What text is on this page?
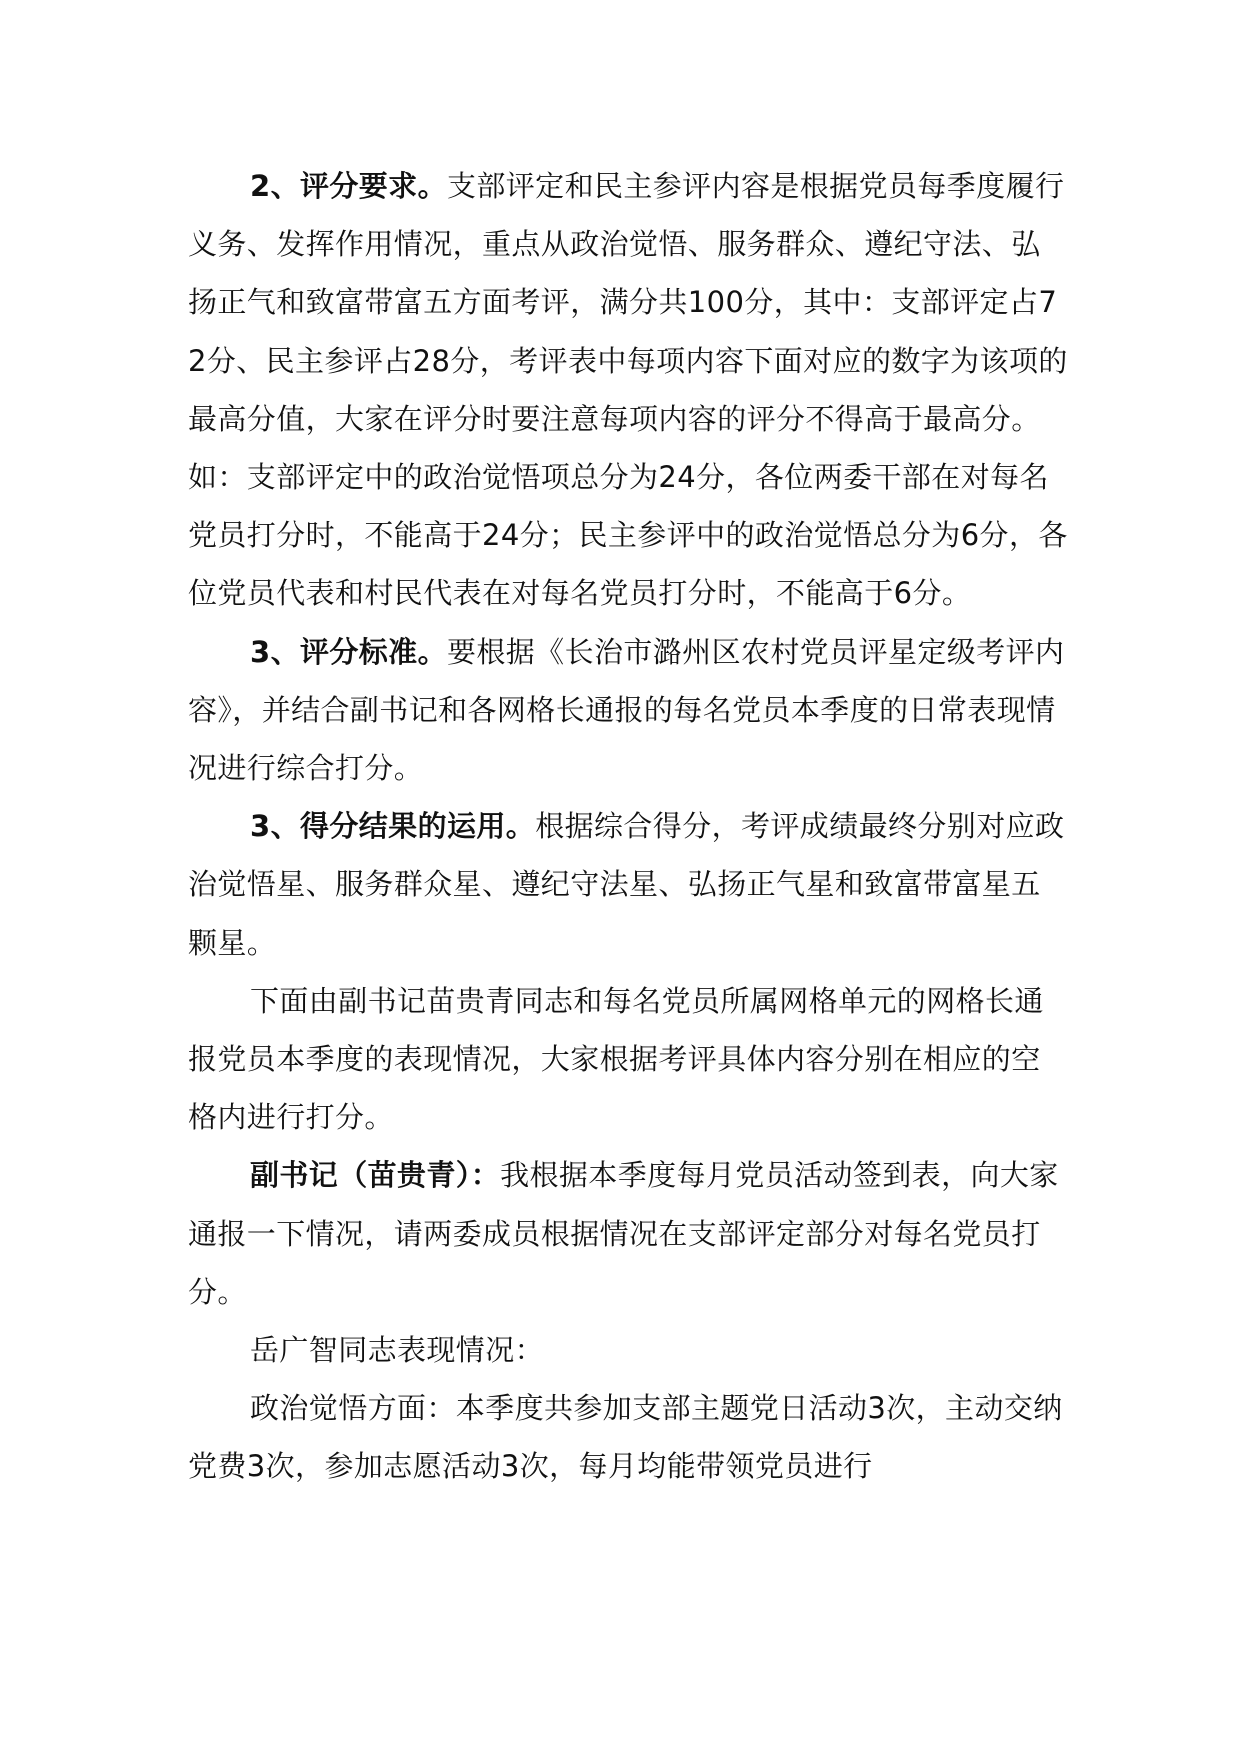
2、评分要求。支部评定和民主参评内容是根据党员每季度履行义务、发挥作用情况，重点从政治觉悟、服务群众、遵纪守法、弘扬正气和致富带富五方面考评，满分共100分，其中：支部评定占72分、民主参评占28分，考评表中每项内容下面对应的数字为该项的最高分值，大家在评分时要注意每项内容的评分不得高于最高分。如：支部评定中的政治觉悟项总分为24分，各位两委干部在对每名党员打分时，不能高于24分；民主参评中的政治觉悟总分为6分，各位党员代表和村民代表在对每名党员打分时，不能高于6分。

3、评分标准。要根据《长治市潞州区农村党员评星定级考评内容》，并结合副书记和各网格长通报的每名党员本季度的日常表现情况进行综合打分。

3、得分结果的运用。根据综合得分，考评成绩最终分别对应政治觉悟星、服务群众星、遵纪守法星、弘扬正气星和致富带富星五颗星。

下面由副书记苗贵青同志和每名党员所属网格单元的网格长通报党员本季度的表现情况，大家根据考评具体内容分别在相应的空格内进行打分。

副书记（苗贵青）：我根据本季度每月党员活动签到表，向大家通报一下情况，请两委成员根据情况在支部评定部分对每名党员打分。

岳广智同志表现情况：

政治觉悟方面：本季度共参加支部主题党日活动3次，主动交纳党费3次，参加志愿活动3次，每月均能带领党员进行
